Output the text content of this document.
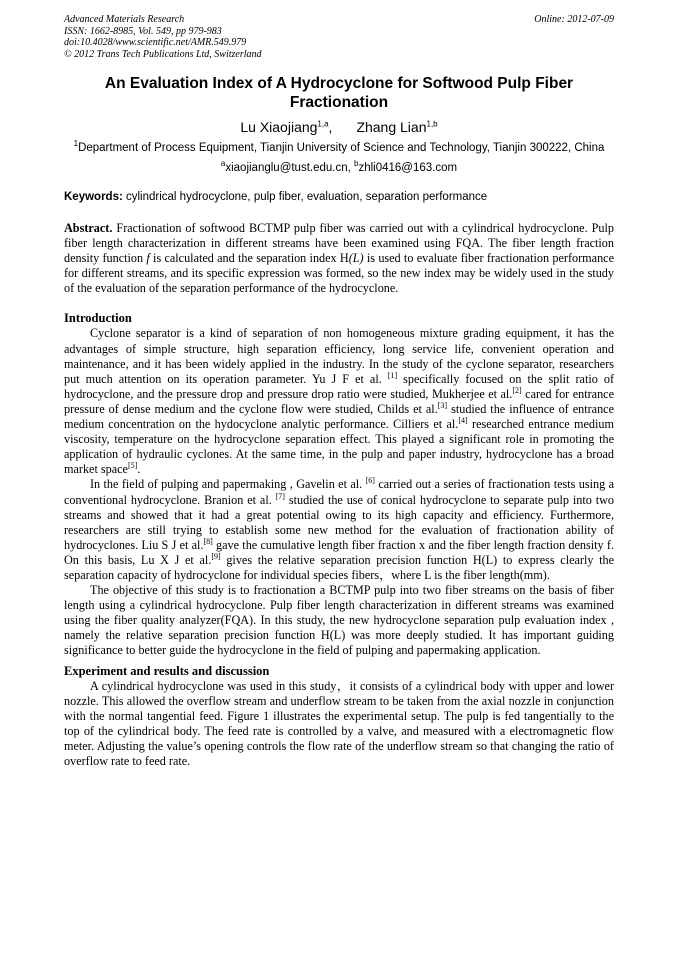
Advanced Materials Research
ISSN: 1662-8985, Vol. 549, pp 979-983
doi:10.4028/www.scientific.net/AMR.549.979
© 2012 Trans Tech Publications Ltd, Switzerland
Online: 2012-07-09
An Evaluation Index of A Hydrocyclone for Softwood Pulp Fiber Fractionation
Lu Xiaojiang$^{1,a}$, Zhang Lian$^{1,b}$
$^1$Department of Process Equipment, Tianjin University of Science and Technology, Tianjin 300222, China
$^a$xiaojianglu@tust.edu.cn, $^b$zhli0416@163.com
Keywords: cylindrical hydrocyclone, pulp fiber, evaluation, separation performance
Abstract. Fractionation of softwood BCTMP pulp fiber was carried out with a cylindrical hydrocyclone. Pulp fiber length characterization in different streams have been examined using FQA. The fiber length fraction density function f is calculated and the separation index H(L) is used to evaluate fiber fractionation performance for different streams, and its specific expression was formed, so the new index may be widely used in the study of the evaluation of the separation performance of the hydrocyclone.
Introduction

Cyclone separator is a kind of separation of non homogeneous mixture grading equipment, it has the advantages of simple structure, high separation efficiency, long service life, convenient operation and maintenance, and it has been widely applied in the industry. In the study of the cyclone separator, researchers put much attention on its operation parameter. Yu J F et al. [1] specifically focused on the split ratio of hydrocyclone, and the pressure drop and pressure drop ratio were studied, Mukherjee et al.[2] cared for entrance pressure of dense medium and the cyclone flow were studied, Childs et al.[3] studied the influence of entrance medium concentration on the hydocyclone analytic performance. Cilliers et al.[4] researched entrance medium viscosity, temperature on the hydrocyclone separation effect. This played a significant role in promoting the application of hydraulic cyclones. At the same time, in the pulp and paper industry, hydrocyclone has a broad market space[5].

In the field of pulping and papermaking , Gavelin et al. [6] carried out a series of fractionation tests using a conventional hydrocyclone. Branion et al. [7] studied the use of conical hydrocyclone to separate pulp into two streams and showed that it had a great potential owing to its high capacity and efficiency. Furthermore, researchers are still trying to establish some new method for the evaluation of fractionation ability of hydrocyclones. Liu S J et al.[8] gave the cumulative length fiber fraction x and the fiber length fraction density f. On this basis, Lu X J et al.[9] gives the relative separation precision function H(L) to express clearly the separation capacity of hydrocyclone for individual species fibers，where L is the fiber length(mm).

The objective of this study is to fractionation a BCTMP pulp into two fiber streams on the basis of fiber length using a cylindrical hydrocyclone. Pulp fiber length characterization in different streams was examined using the fiber quality analyzer(FQA). In this study, the new hydrocyclone separation pulp evaluation index , namely the relative separation precision function H(L) was more deeply studied. It has important guiding significance to better guide the hydrocyclone in the field of pulping and papermaking application.

Experiment and results and discussion

A cylindrical hydrocyclone was used in this study，it consists of a cylindrical body with upper and lower nozzle. This allowed the overflow stream and underflow stream to be taken from the axial nozzle in conjunction with the normal tangential feed. Figure 1 illustrates the experimental setup. The pulp is fed tangentially to the top of the cylindrical body. The feed rate is controlled by a valve, and measured with a electromagnetic flow meter. Adjusting the value’s opening controls the flow rate of the underflow stream so that changing the ratio of overflow rate to feed rate.
